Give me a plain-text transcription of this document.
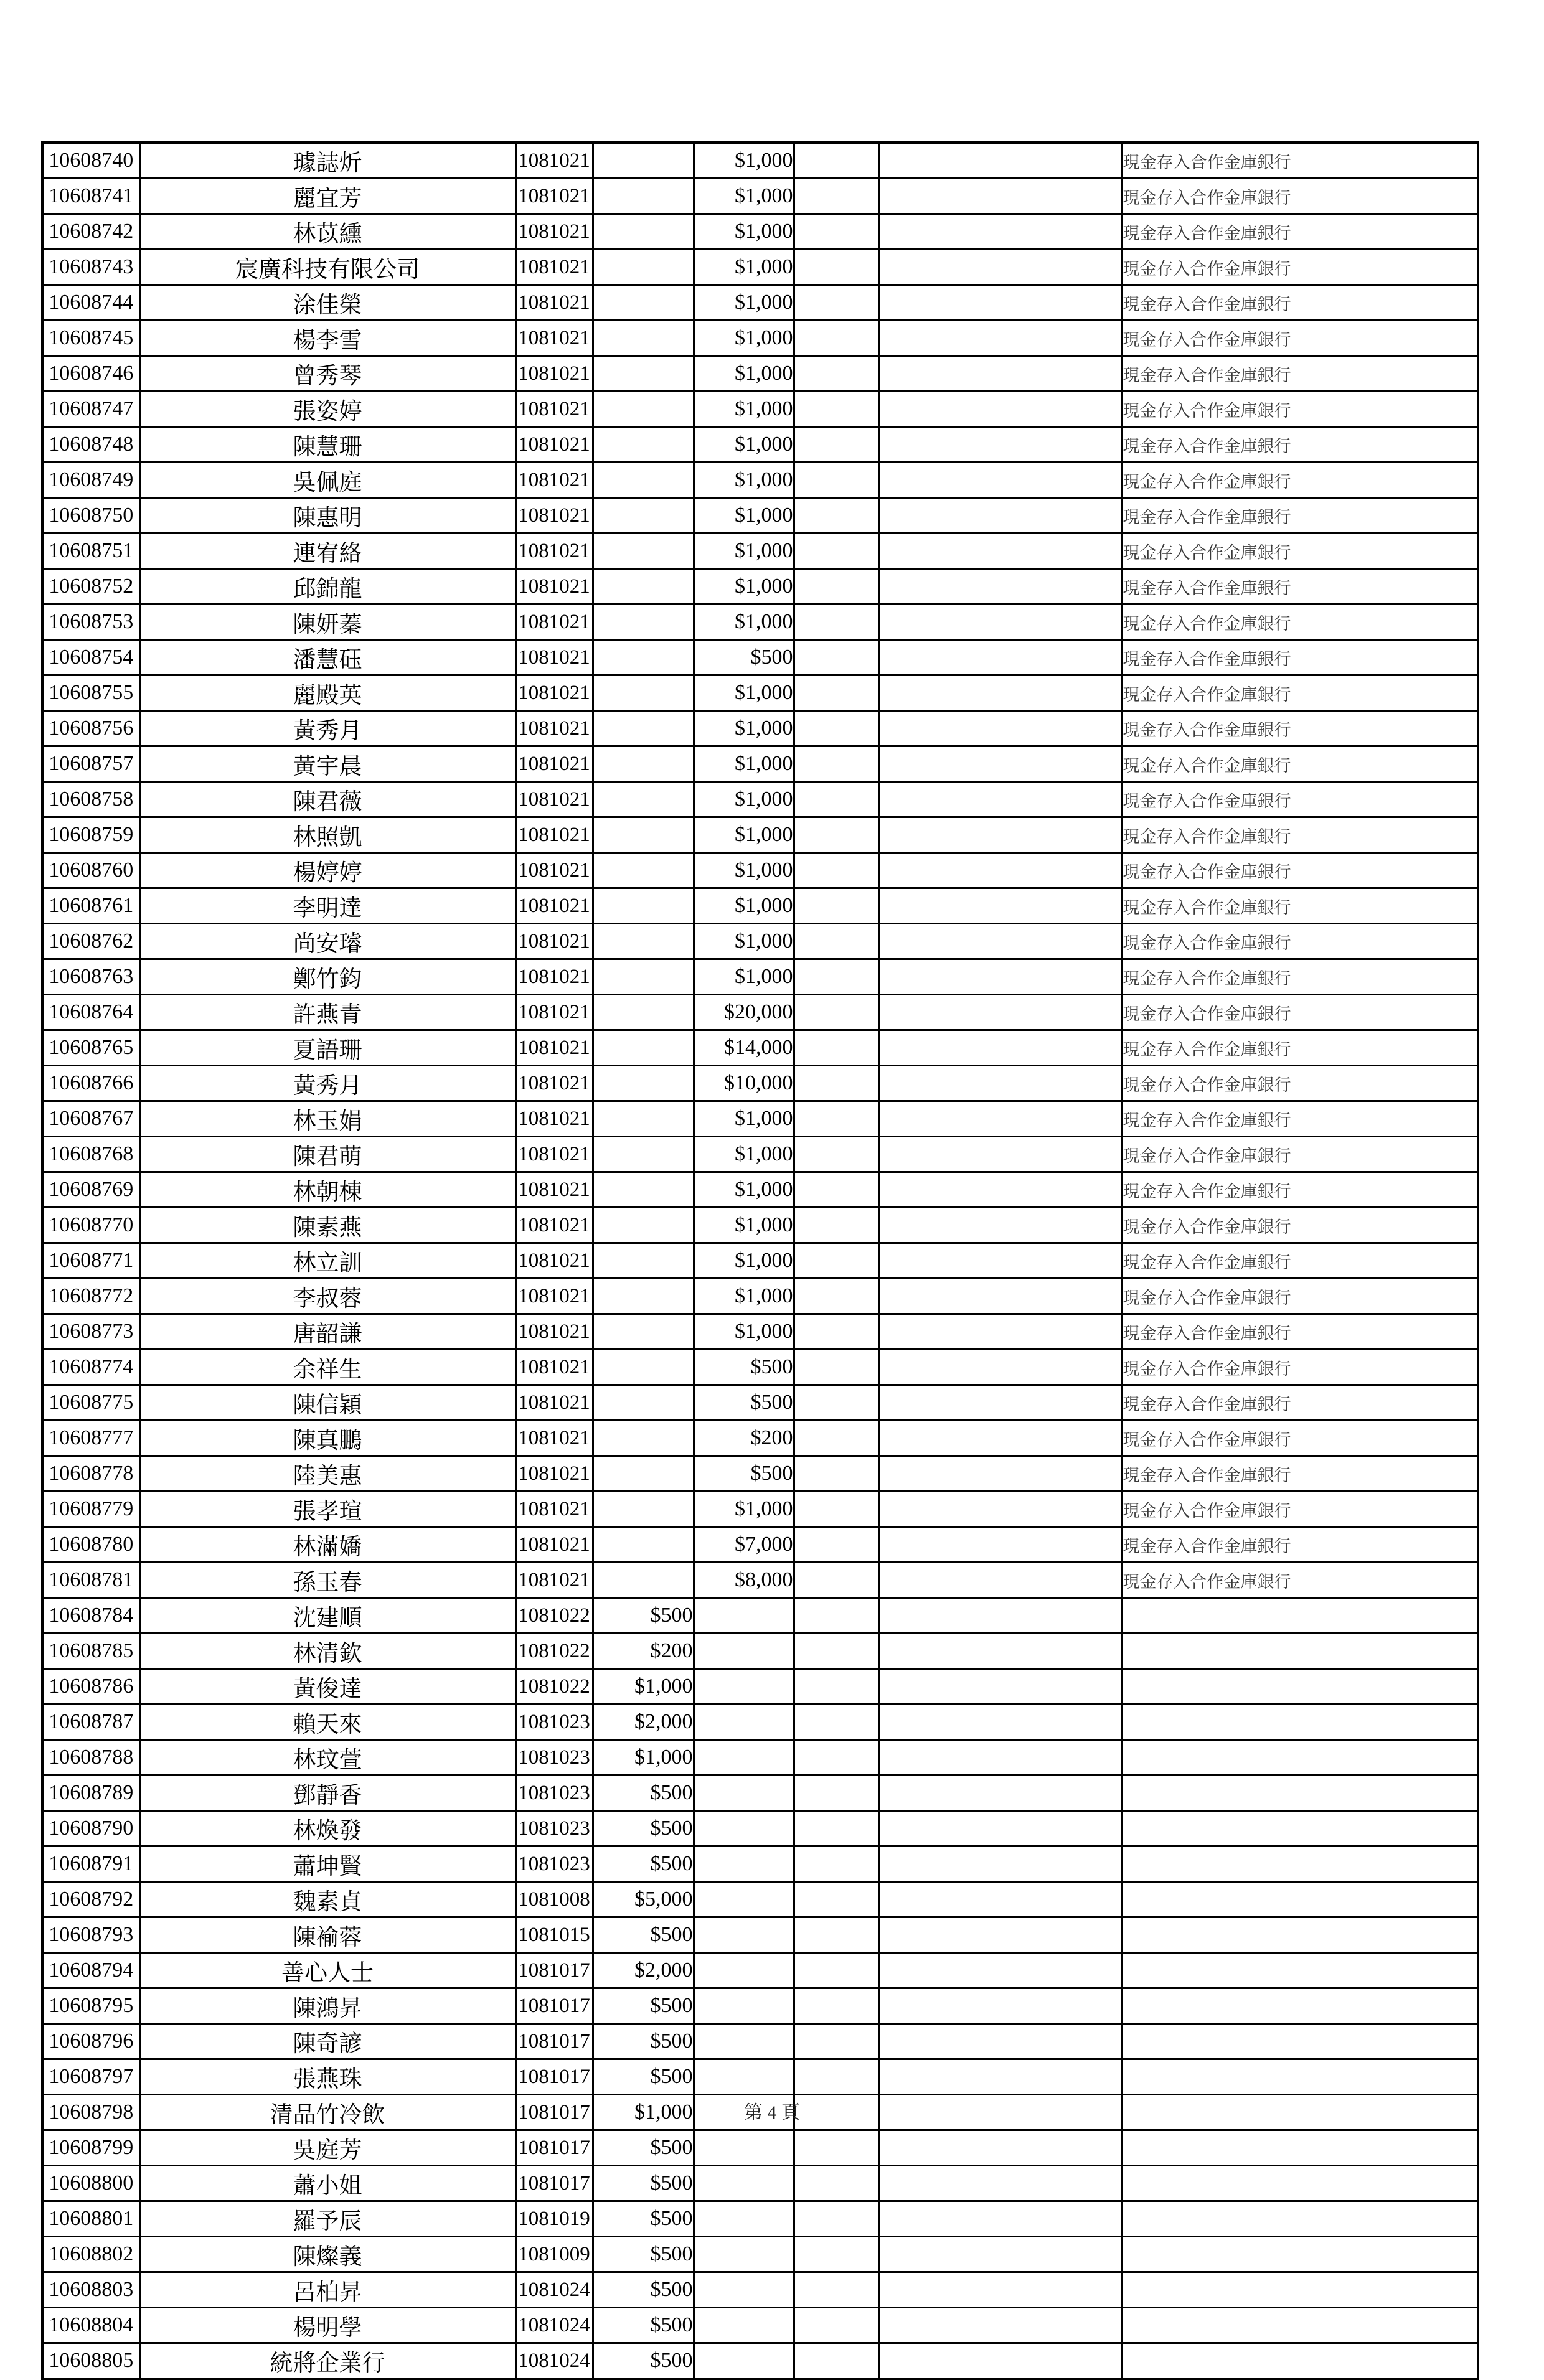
10608740	璩誌炘	1081021		$1,000			現金存入合作金庫銀行
10608741	麗宜芳	1081021		$1,000			現金存入合作金庫銀行
10608742	林苡纁	1081021		$1,000			現金存入合作金庫銀行
10608743	宸廣科技有限公司	1081021		$1,000			現金存入合作金庫銀行
10608744	涂佳榮	1081021		$1,000			現金存入合作金庫銀行
10608745	楊李雪	1081021		$1,000			現金存入合作金庫銀行
10608746	曾秀琴	1081021		$1,000			現金存入合作金庫銀行
10608747	張姿婷	1081021		$1,000			現金存入合作金庫銀行
10608748	陳慧珊	1081021		$1,000			現金存入合作金庫銀行
10608749	吳佩庭	1081021		$1,000			現金存入合作金庫銀行
10608750	陳惠明	1081021		$1,000			現金存入合作金庫銀行
10608751	連宥絡	1081021		$1,000			現金存入合作金庫銀行
10608752	邱錦龍	1081021		$1,000			現金存入合作金庫銀行
10608753	陳妍蓁	1081021		$1,000			現金存入合作金庫銀行
10608754	潘慧砡	1081021		$500			現金存入合作金庫銀行
10608755	麗殿英	1081021		$1,000			現金存入合作金庫銀行
10608756	黃秀月	1081021		$1,000			現金存入合作金庫銀行
10608757	黃宇晨	1081021		$1,000			現金存入合作金庫銀行
10608758	陳君薇	1081021		$1,000			現金存入合作金庫銀行
10608759	林照凱	1081021		$1,000			現金存入合作金庫銀行
10608760	楊婷婷	1081021		$1,000			現金存入合作金庫銀行
10608761	李明達	1081021		$1,000			現金存入合作金庫銀行
10608762	尚安璿	1081021		$1,000			現金存入合作金庫銀行
10608763	鄭竹鈞	1081021		$1,000			現金存入合作金庫銀行
10608764	許燕青	1081021		$20,000			現金存入合作金庫銀行
10608765	夏語珊	1081021		$14,000			現金存入合作金庫銀行
10608766	黃秀月	1081021		$10,000			現金存入合作金庫銀行
10608767	林玉娟	1081021		$1,000			現金存入合作金庫銀行
10608768	陳君萌	1081021		$1,000			現金存入合作金庫銀行
10608769	林朝棟	1081021		$1,000			現金存入合作金庫銀行
10608770	陳素燕	1081021		$1,000			現金存入合作金庫銀行
10608771	林立訓	1081021		$1,000			現金存入合作金庫銀行
10608772	李叔蓉	1081021		$1,000			現金存入合作金庫銀行
10608773	唐韶謙	1081021		$1,000			現金存入合作金庫銀行
10608774	余祥生	1081021		$500			現金存入合作金庫銀行
10608775	陳信穎	1081021		$500			現金存入合作金庫銀行
10608777	陳真鵬	1081021		$200			現金存入合作金庫銀行
10608778	陸美惠	1081021		$500			現金存入合作金庫銀行
10608779	張孝瑄	1081021		$1,000			現金存入合作金庫銀行
10608780	林滿嬌	1081021		$7,000			現金存入合作金庫銀行
10608781	孫玉春	1081021		$8,000			現金存入合作金庫銀行
10608784	沈建順	1081022	$500				
10608785	林清欽	1081022	$200				
10608786	黃俊達	1081022	$1,000				
10608787	賴天來	1081023	$2,000				
10608788	林玟萱	1081023	$1,000				
10608789	鄧靜香	1081023	$500				
10608790	林煥發	1081023	$500				
10608791	蕭坤賢	1081023	$500				
10608792	魏素貞	1081008	$5,000				
10608793	陳褕蓉	1081015	$500				
10608794	善心人士	1081017	$2,000				
10608795	陳鴻昇	1081017	$500				
10608796	陳奇諺	1081017	$500				
10608797	張燕珠	1081017	$500				
10608798	清品竹冷飲	1081017	$1,000				
10608799	吳庭芳	1081017	$500				
10608800	蕭小姐	1081017	$500				
10608801	羅予辰	1081019	$500				
10608802	陳燦義	1081009	$500				
10608803	呂柏昇	1081024	$500				
10608804	楊明學	1081024	$500				
10608805	統將企業行	1081024	$500				
第 4 頁
